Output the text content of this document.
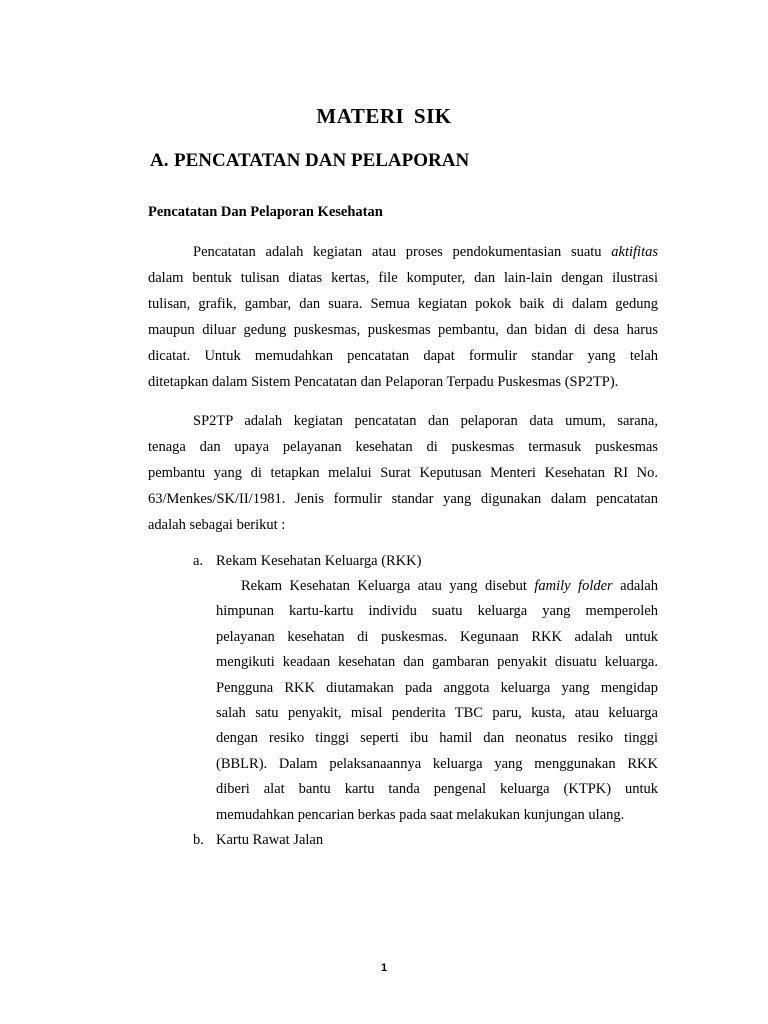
MATERI SIK
A. PENCATATAN DAN PELAPORAN
Pencatatan Dan Pelaporan Kesehatan
Pencatatan adalah kegiatan atau proses pendokumentasian suatu aktifitas
dalam bentuk tulisan diatas kertas, file komputer, dan lain-lain dengan ilustrasi
tulisan, grafik, gambar, dan suara. Semua kegiatan pokok baik di dalam gedung
maupun diluar gedung puskesmas, puskesmas pembantu, dan bidan di desa harus
dicatat. Untuk memudahkan pencatatan dapat formulir standar yang telah
ditetapkan dalam Sistem Pencatatan dan Pelaporan Terpadu Puskesmas (SP2TP).
SP2TP adalah kegiatan pencatatan dan pelaporan data umum, sarana,
tenaga dan upaya pelayanan kesehatan di puskesmas termasuk puskesmas
pembantu yang di tetapkan melalui Surat Keputusan Menteri Kesehatan RI No.
63/Menkes/SK/II/1981. Jenis formulir standar yang digunakan dalam pencatatan
adalah sebagai berikut :
a. Rekam Kesehatan Keluarga (RKK)
Rekam Kesehatan Keluarga atau yang disebut family folder adalah
himpunan kartu-kartu individu suatu keluarga yang memperoleh
pelayanan kesehatan di puskesmas. Kegunaan RKK adalah untuk
mengikuti keadaan kesehatan dan gambaran penyakit disuatu keluarga.
Pengguna RKK diutamakan pada anggota keluarga yang mengidap
salah satu penyakit, misal penderita TBC paru, kusta, atau keluarga
dengan resiko tinggi seperti ibu hamil dan neonatus resiko tinggi
(BBLR). Dalam pelaksanaannya keluarga yang menggunakan RKK
diberi alat bantu kartu tanda pengenal keluarga (KTPK) untuk
memudahkan pencarian berkas pada saat melakukan kunjungan ulang.
b. Kartu Rawat Jalan
1
